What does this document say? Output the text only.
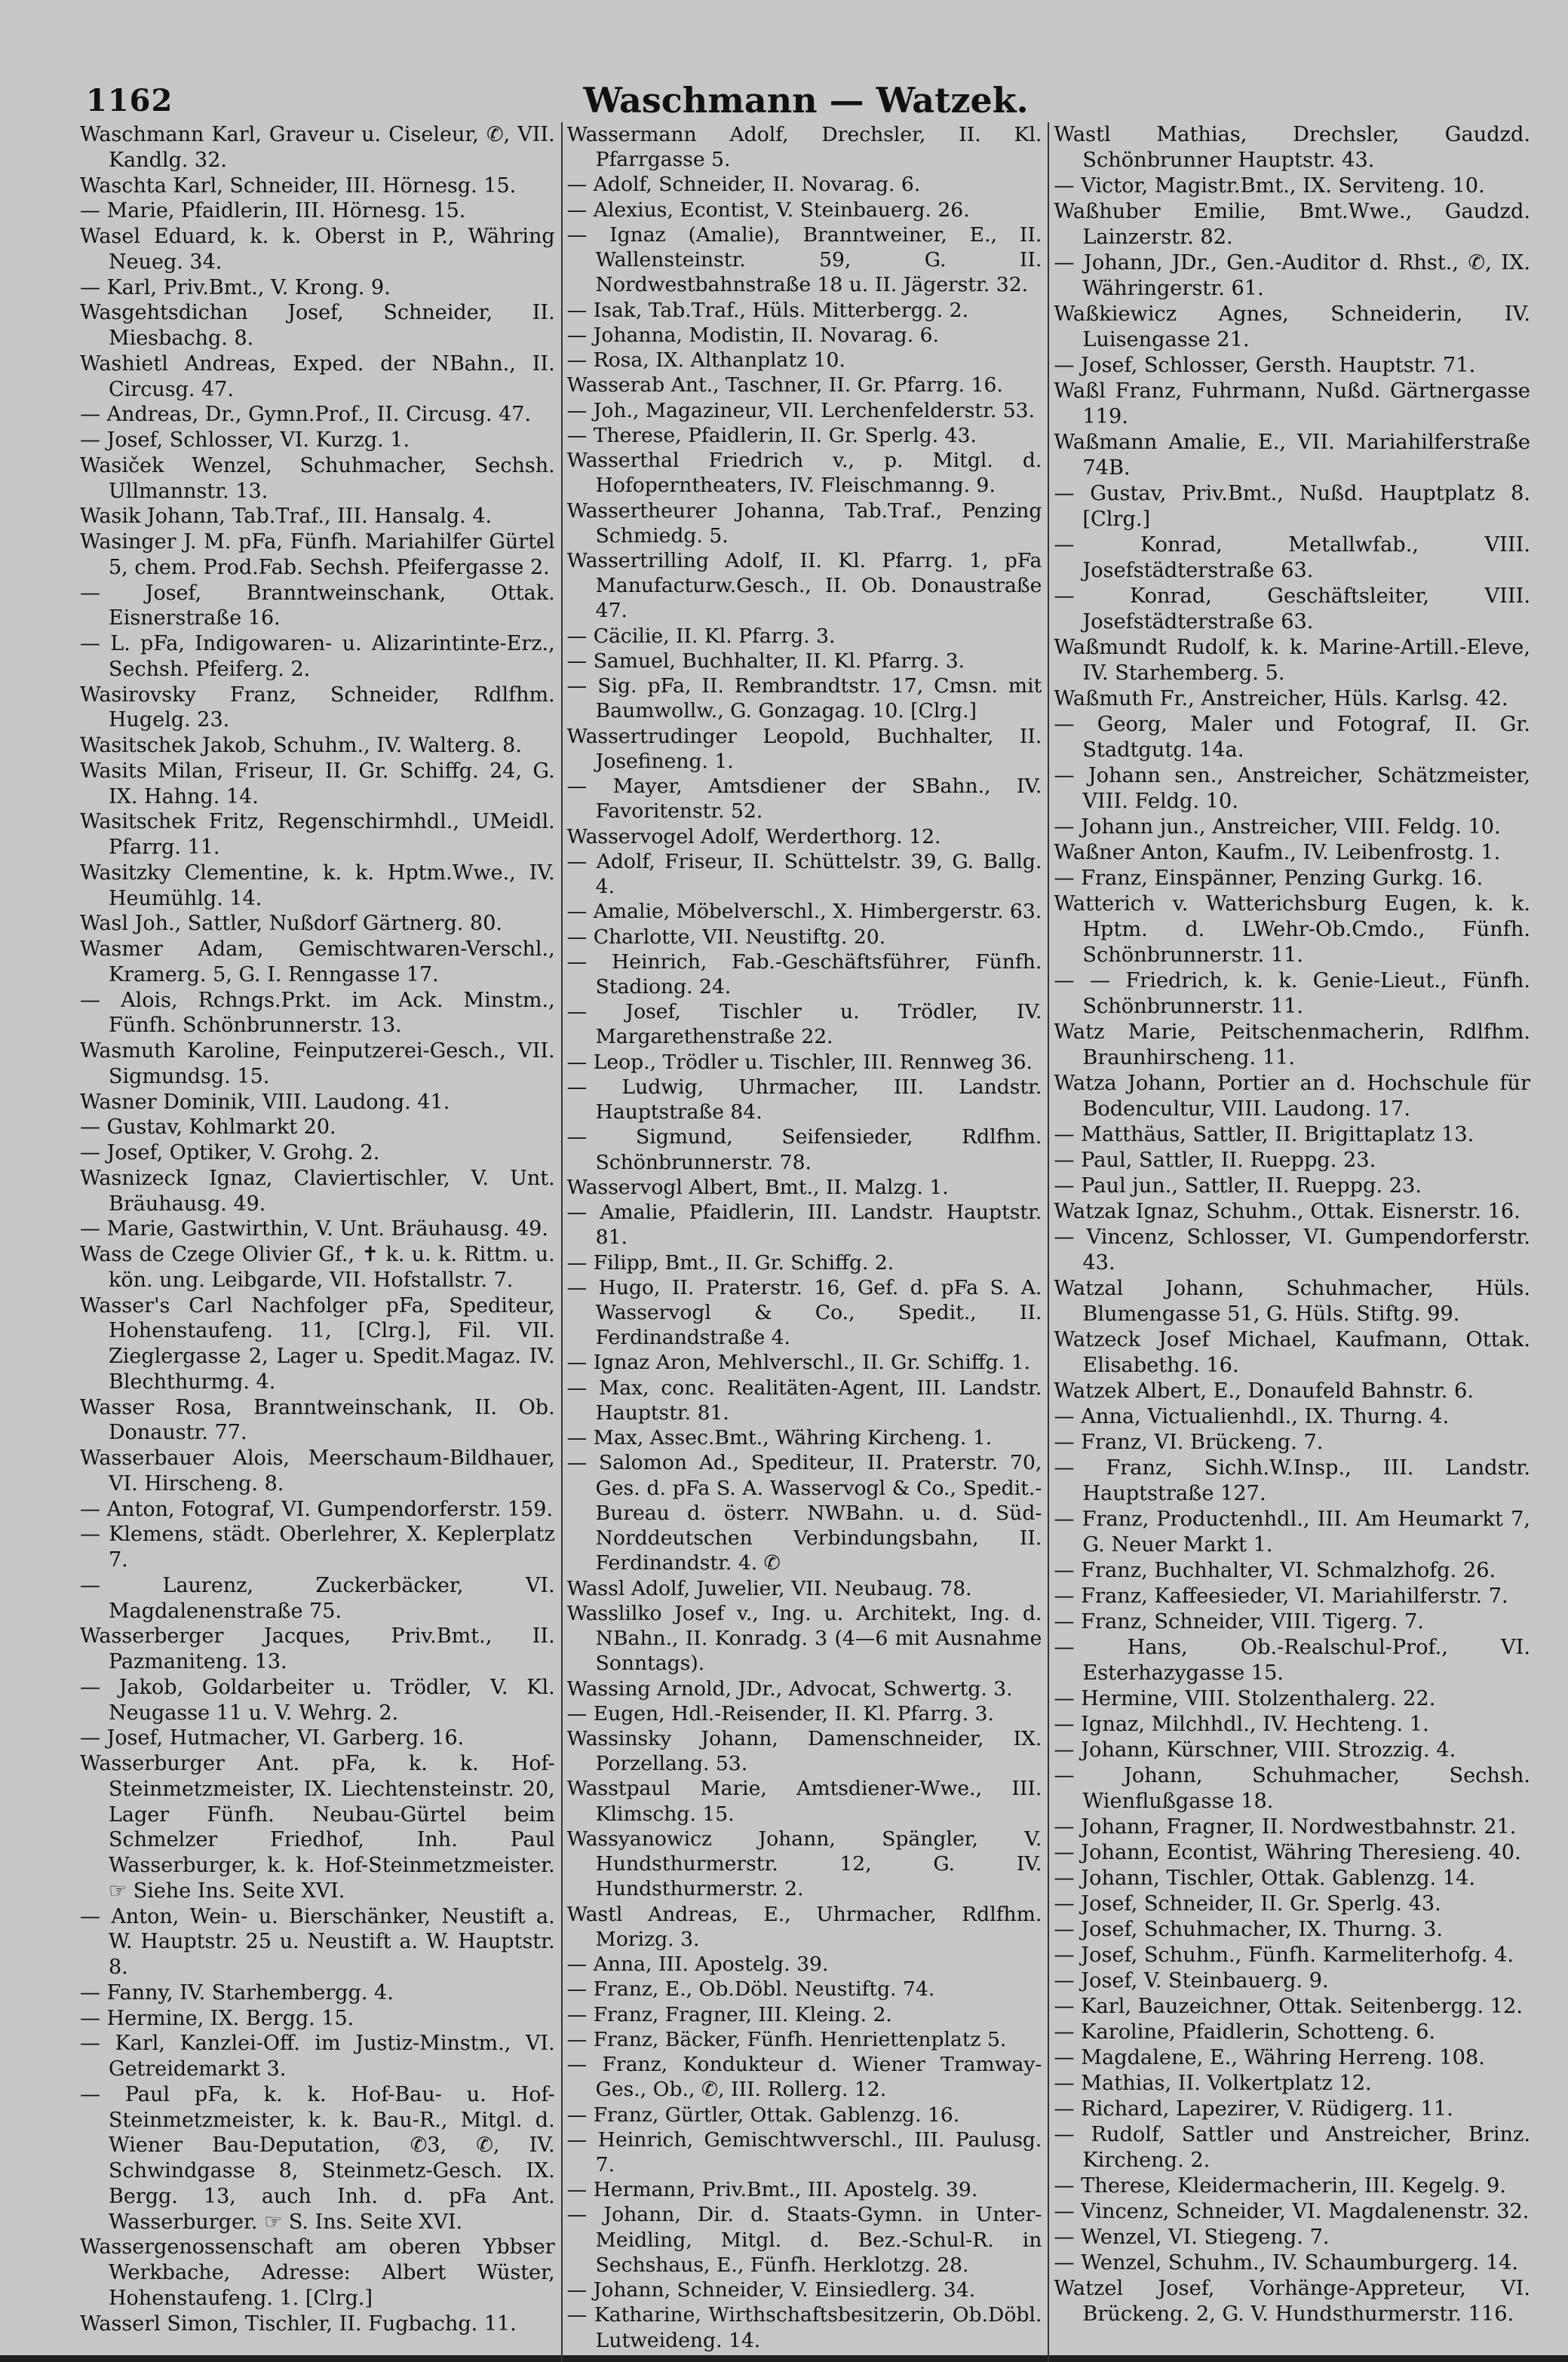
1162	Waschmann — Watzek.
Waschmann Karl, Graveur u. Ciseleur, ✆, VII. Kandlg. 32.
Waschta Karl, Schneider, III. Hörnesg. 15.
— Marie, Pfaidlerin, III. Hörnesg. 15.
Wasel Eduard, k. k. Oberst in P., Währing Neueg. 34.
— Karl, Priv.Bmt., V. Krong. 9.
Wasgehtsdichan Josef, Schneider, II. Miesbachg. 8.
Washietl Andreas, Exped. der NBahn., II. Circusg. 47.
— Andreas, Dr., Gymn.Prof., II. Circusg. 47.
— Josef, Schlosser, VI. Kurzg. 1.
Wasiček Wenzel, Schuhmacher, Sechsh. Ullmannstr. 13.
Wasik Johann, Tab.Traf., III. Hansalg. 4.
Wasinger J. M. pFa, Fünfh. Mariahilfer Gürtel 5, chem. Prod.Fab. Sechsh. Pfeifergasse 2.
— Josef, Branntweinschank, Ottak. Eisnerstraße 16.
— L. pFa, Indigowaren- u. Alizarintinte-Erz., Sechsh. Pfeiferg. 2.
Wasirovsky Franz, Schneider, Rdlfhm. Hugelg. 23.
Wasitschek Jakob, Schuhm., IV. Walterg. 8.
Wasits Milan, Friseur, II. Gr. Schiffg. 24, G. IX. Hahng. 14.
Wasitschek Fritz, Regenschirmhdl., UMeidl. Pfarrg. 11.
Wasitzky Clementine, k. k. Hptm.Wwe., IV. Heumühlg. 14.
Wasl Joh., Sattler, Nußdorf Gärtnerg. 80.
Wasmer Adam, Gemischtwaren-Verschl., Kramerg. 5, G. I. Renngasse 17.
— Alois, Rchngs.Prkt. im Ack. Minstm., Fünfh. Schönbrunnerstr. 13.
Wasmuth Karoline, Feinputzerei-Gesch., VII. Sigmundsg. 15.
Wasner Dominik, VIII. Laudong. 41.
— Gustav, Kohlmarkt 20.
— Josef, Optiker, V. Grohg. 2.
Wasnizeck Ignaz, Claviertischler, V. Unt. Bräuhausg. 49.
— Marie, Gastwirthin, V. Unt. Bräuhausg. 49.
Wass de Czege Olivier Gf., ✝ k. u. k. Rittm. u. kön. ung. Leibgarde, VII. Hofstallstr. 7.
Wasser's Carl Nachfolger pFa, Spediteur, Hohenstaufeng. 11, [Clrg.], Fil. VII. Zieglergasse 2, Lager u. Spedit.Magaz. IV. Blechthurmg. 4.
Wasser Rosa, Branntweinschank, II. Ob. Donaustr. 77.
Wasserbauer Alois, Meerschaum-Bildhauer, VI. Hirscheng. 8.
— Anton, Fotograf, VI. Gumpendorferstr. 159.
— Klemens, städt. Oberlehrer, X. Keplerplatz 7.
— Laurenz, Zuckerbäcker, VI. Magdalenenstraße 75.
Wasserberger Jacques, Priv.Bmt., II. Pazmaniteng. 13.
— Jakob, Goldarbeiter u. Trödler, V. Kl. Neugasse 11 u. V. Wehrg. 2.
— Josef, Hutmacher, VI. Garberg. 16.
Wasserburger Ant. pFa, k. k. Hof-Steinmetzmeister, IX. Liechtensteinstr. 20, Lager Fünfh. Neubau-Gürtel beim Schmelzer Friedhof, Inh. Paul Wasserburger, k. k. Hof-Steinmetzmeister. ☞ Siehe Ins. Seite XVI.
— Anton, Wein- u. Bierschänker, Neustift a. W. Hauptstr. 25 u. Neustift a. W. Hauptstr. 8.
— Fanny, IV. Starhembergg. 4.
— Hermine, IX. Bergg. 15.
— Karl, Kanzlei-Off. im Justiz-Minstm., VI. Getreidemarkt 3.
— Paul pFa, k. k. Hof-Bau- u. Hof-Steinmetzmeister, k. k. Bau-R., Mitgl. d. Wiener Bau-Deputation, ✆3, ✆, IV. Schwindgasse 8, Steinmetz-Gesch. IX. Bergg. 13, auch Inh. d. pFa Ant. Wasserburger. ☞ S. Ins. Seite XVI.
Wassergenossenschaft am oberen Ybbser Werkbache, Adresse: Albert Wüster, Hohenstaufeng. 1. [Clrg.]
Wasserl Simon, Tischler, II. Fugbachg. 11.
Wassermann Adolf, Drechsler, II. Kl. Pfarrgasse 5.
— Adolf, Schneider, II. Novarag. 6.
— Alexius, Econtist, V. Steinbauerg. 26.
— Ignaz (Amalie), Branntweiner, E., II. Wallensteinstr. 59, G. II. Nordwestbahnstraße 18 u. II. Jägerstr. 32.
— Isak, Tab.Traf., Hüls. Mitterbergg. 2.
— Johanna, Modistin, II. Novarag. 6.
— Rosa, IX. Althanplatz 10.
Wasserab Ant., Taschner, II. Gr. Pfarrg. 16.
— Joh., Magazineur, VII. Lerchenfelderstr. 53.
— Therese, Pfaidlerin, II. Gr. Sperlg. 43.
Wasserthal Friedrich v., p. Mitgl. d. Hofoperntheaters, IV. Fleischmanng. 9.
Wassertheurer Johanna, Tab.Traf., Penzing Schmiedg. 5.
Wassertrilling Adolf, II. Kl. Pfarrg. 1, pFa Manufacturw.Gesch., II. Ob. Donaustraße 47.
— Cäcilie, II. Kl. Pfarrg. 3.
— Samuel, Buchhalter, II. Kl. Pfarrg. 3.
— Sig. pFa, II. Rembrandtstr. 17, Cmsn. mit Baumwollw., G. Gonzagag. 10. [Clrg.]
Wassertrudinger Leopold, Buchhalter, II. Josefineng. 1.
— Mayer, Amtsdiener der SBahn., IV. Favoritenstr. 52.
Wasservogel Adolf, Werderthorg. 12.
— Adolf, Friseur, II. Schüttelstr. 39, G. Ballg. 4.
— Amalie, Möbelverschl., X. Himbergerstr. 63.
— Charlotte, VII. Neustiftg. 20.
— Heinrich, Fab.-Geschäftsführer, Fünfh. Stadiong. 24.
— Josef, Tischler u. Trödler, IV. Margarethenstraße 22.
— Leop., Trödler u. Tischler, III. Rennweg 36.
— Ludwig, Uhrmacher, III. Landstr. Hauptstraße 84.
— Sigmund, Seifensieder, Rdlfhm. Schönbrunnerstr. 78.
Wasservogl Albert, Bmt., II. Malzg. 1.
— Amalie, Pfaidlerin, III. Landstr. Hauptstr. 81.
— Filipp, Bmt., II. Gr. Schiffg. 2.
— Hugo, II. Praterstr. 16, Gef. d. pFa S. A. Wasservogl & Co., Spedit., II. Ferdinandstraße 4.
— Ignaz Aron, Mehlverschl., II. Gr. Schiffg. 1.
— Max, conc. Realitäten-Agent, III. Landstr. Hauptstr. 81.
— Max, Assec.Bmt., Währing Kircheng. 1.
— Salomon Ad., Spediteur, II. Praterstr. 70, Ges. d. pFa S. A. Wasservogl & Co., Spedit.-Bureau d. österr. NWBahn. u. d. Süd-Norddeutschen Verbindungsbahn, II. Ferdinandstr. 4. ✆
Wassl Adolf, Juwelier, VII. Neubaug. 78.
Wasslilko Josef v., Ing. u. Architekt, Ing. d. NBahn., II. Konradg. 3 (4—6 mit Ausnahme Sonntags).
Wassing Arnold, JDr., Advocat, Schwertg. 3.
— Eugen, Hdl.-Reisender, II. Kl. Pfarrg. 3.
Wassinsky Johann, Damenschneider, IX. Porzellang. 53.
Wasstpaul Marie, Amtsdiener-Wwe., III. Klimschg. 15.
Wassyanowicz Johann, Spängler, V. Hundsthurmerstr. 12, G. IV. Hundsthurmerstr. 2.
Wastl Andreas, E., Uhrmacher, Rdlfhm. Morizg. 3.
— Anna, III. Apostelg. 39.
— Franz, E., Ob.Döbl. Neustiftg. 74.
— Franz, Fragner, III. Kleing. 2.
— Franz, Bäcker, Fünfh. Henriettenplatz 5.
— Franz, Kondukteur d. Wiener Tramway-Ges., Ob., ✆, III. Rollerg. 12.
— Franz, Gürtler, Ottak. Gablenzg. 16.
— Heinrich, Gemischtwverschl., III. Paulusg. 7.
— Hermann, Priv.Bmt., III. Apostelg. 39.
— Johann, Dir. d. Staats-Gymn. in Unter-Meidling, Mitgl. d. Bez.-Schul-R. in Sechshaus, E., Fünfh. Herklotzg. 28.
— Johann, Schneider, V. Einsiedlerg. 34.
— Katharine, Wirthschaftsbesitzerin, Ob.Döbl. Lutweideng. 14.
Wastl Mathias, Drechsler, Gaudzd. Schönbrunner Hauptstr. 43.
— Victor, Magistr.Bmt., IX. Serviteng. 10.
Waßhuber Emilie, Bmt.Wwe., Gaudzd. Lainzerstr. 82.
— Johann, JDr., Gen.-Auditor d. Rhst., ✆, IX. Währingerstr. 61.
Waßkiewicz Agnes, Schneiderin, IV. Luisengasse 21.
— Josef, Schlosser, Gersth. Hauptstr. 71.
Waßl Franz, Fuhrmann, Nußd. Gärtnergasse 119.
Waßmann Amalie, E., VII. Mariahilferstraße 74B.
— Gustav, Priv.Bmt., Nußd. Hauptplatz 8. [Clrg.]
— Konrad, Metallwfab., VIII. Josefstädterstraße 63.
— Konrad, Geschäftsleiter, VIII. Josefstädterstraße 63.
Waßmundt Rudolf, k. k. Marine-Artill.-Eleve, IV. Starhemberg. 5.
Waßmuth Fr., Anstreicher, Hüls. Karlsg. 42.
— Georg, Maler und Fotograf, II. Gr. Stadtgutg. 14a.
— Johann sen., Anstreicher, Schätzmeister, VIII. Feldg. 10.
— Johann jun., Anstreicher, VIII. Feldg. 10.
Waßner Anton, Kaufm., IV. Leibenfrostg. 1.
— Franz, Einspänner, Penzing Gurkg. 16.
Watterich v. Watterichsburg Eugen, k. k. Hptm. d. LWehr-Ob.Cmdo., Fünfh. Schönbrunnerstr. 11.
— — Friedrich, k. k. Genie-Lieut., Fünfh. Schönbrunnerstr. 11.
Watz Marie, Peitschenmacherin, Rdlfhm. Braunhirscheng. 11.
Watza Johann, Portier an d. Hochschule für Bodencultur, VIII. Laudong. 17.
— Matthäus, Sattler, II. Brigittaplatz 13.
— Paul, Sattler, II. Rueppg. 23.
— Paul jun., Sattler, II. Rueppg. 23.
Watzak Ignaz, Schuhm., Ottak. Eisnerstr. 16.
— Vincenz, Schlosser, VI. Gumpendorferstr. 43.
Watzal Johann, Schuhmacher, Hüls. Blumengasse 51, G. Hüls. Stiftg. 99.
Watzeck Josef Michael, Kaufmann, Ottak. Elisabethg. 16.
Watzek Albert, E., Donaufeld Bahnstr. 6.
— Anna, Victualienhdl., IX. Thurng. 4.
— Franz, VI. Brückeng. 7.
— Franz, Sichh.W.Insp., III. Landstr. Hauptstraße 127.
— Franz, Productenhdl., III. Am Heumarkt 7, G. Neuer Markt 1.
— Franz, Buchhalter, VI. Schmalzhofg. 26.
— Franz, Kaffeesieder, VI. Mariahilferstr. 7.
— Franz, Schneider, VIII. Tigerg. 7.
— Hans, Ob.-Realschul-Prof., VI. Esterhazygasse 15.
— Hermine, VIII. Stolzenthalerg. 22.
— Ignaz, Milchhdl., IV. Hechteng. 1.
— Johann, Kürschner, VIII. Strozzig. 4.
— Johann, Schuhmacher, Sechsh. Wienflußgasse 18.
— Johann, Fragner, II. Nordwestbahnstr. 21.
— Johann, Econtist, Währing Theresieng. 40.
— Johann, Tischler, Ottak. Gablenzg. 14.
— Josef, Schneider, II. Gr. Sperlg. 43.
— Josef, Schuhmacher, IX. Thurng. 3.
— Josef, Schuhm., Fünfh. Karmeliterhofg. 4.
— Josef, V. Steinbauerg. 9.
— Karl, Bauzeichner, Ottak. Seitenbergg. 12.
— Karoline, Pfaidlerin, Schotteng. 6.
— Magdalene, E., Währing Herreng. 108.
— Mathias, II. Volkertplatz 12.
— Richard, Lapezirer, V. Rüdigerg. 11.
— Rudolf, Sattler und Anstreicher, Brinz. Kircheng. 2.
— Therese, Kleidermacherin, III. Kegelg. 9.
— Vincenz, Schneider, VI. Magdalenenstr. 32.
— Wenzel, VI. Stiegeng. 7.
— Wenzel, Schuhm., IV. Schaumburgerg. 14.
Watzel Josef, Vorhänge-Appreteur, VI. Brückeng. 2, G. V. Hundsthurmerstr. 116.
